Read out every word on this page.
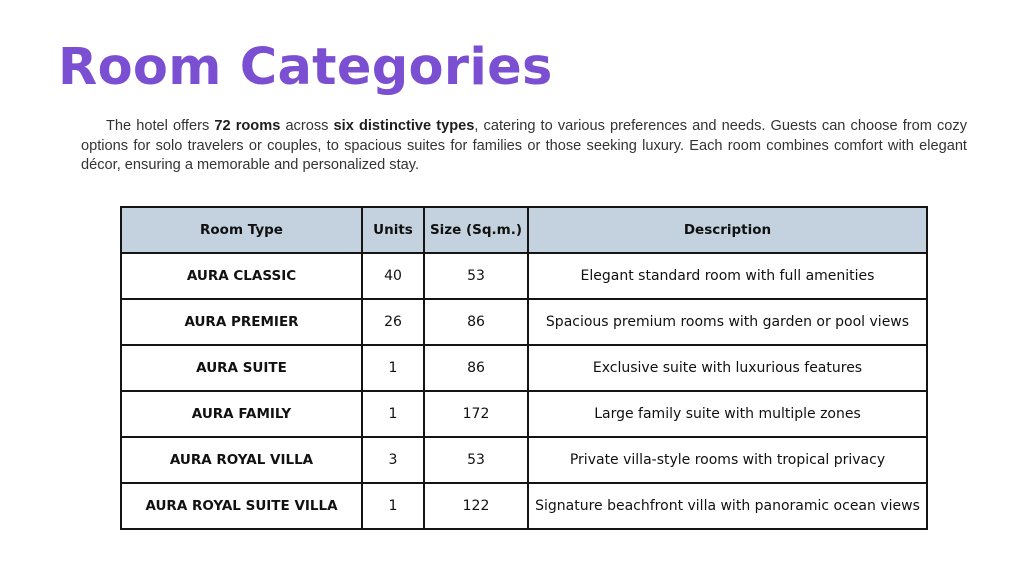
Room Categories

The hotel offers 72 rooms across six distinctive types, catering to various preferences and needs. Guests can choose from cozy options for solo travelers or couples, to spacious suites for families or those seeking luxury. Each room combines comfort with elegant décor, ensuring a memorable and personalized stay.

Room Type	Units	Size (Sq.m.)	Description
AURA CLASSIC	40	53	Elegant standard room with full amenities
AURA PREMIER	26	86	Spacious premium rooms with garden or pool views
AURA SUITE	1	86	Exclusive suite with luxurious features
AURA FAMILY	1	172	Large family suite with multiple zones
AURA ROYAL VILLA	3	53	Private villa-style rooms with tropical privacy
AURA ROYAL SUITE VILLA	1	122	Signature beachfront villa with panoramic ocean views
